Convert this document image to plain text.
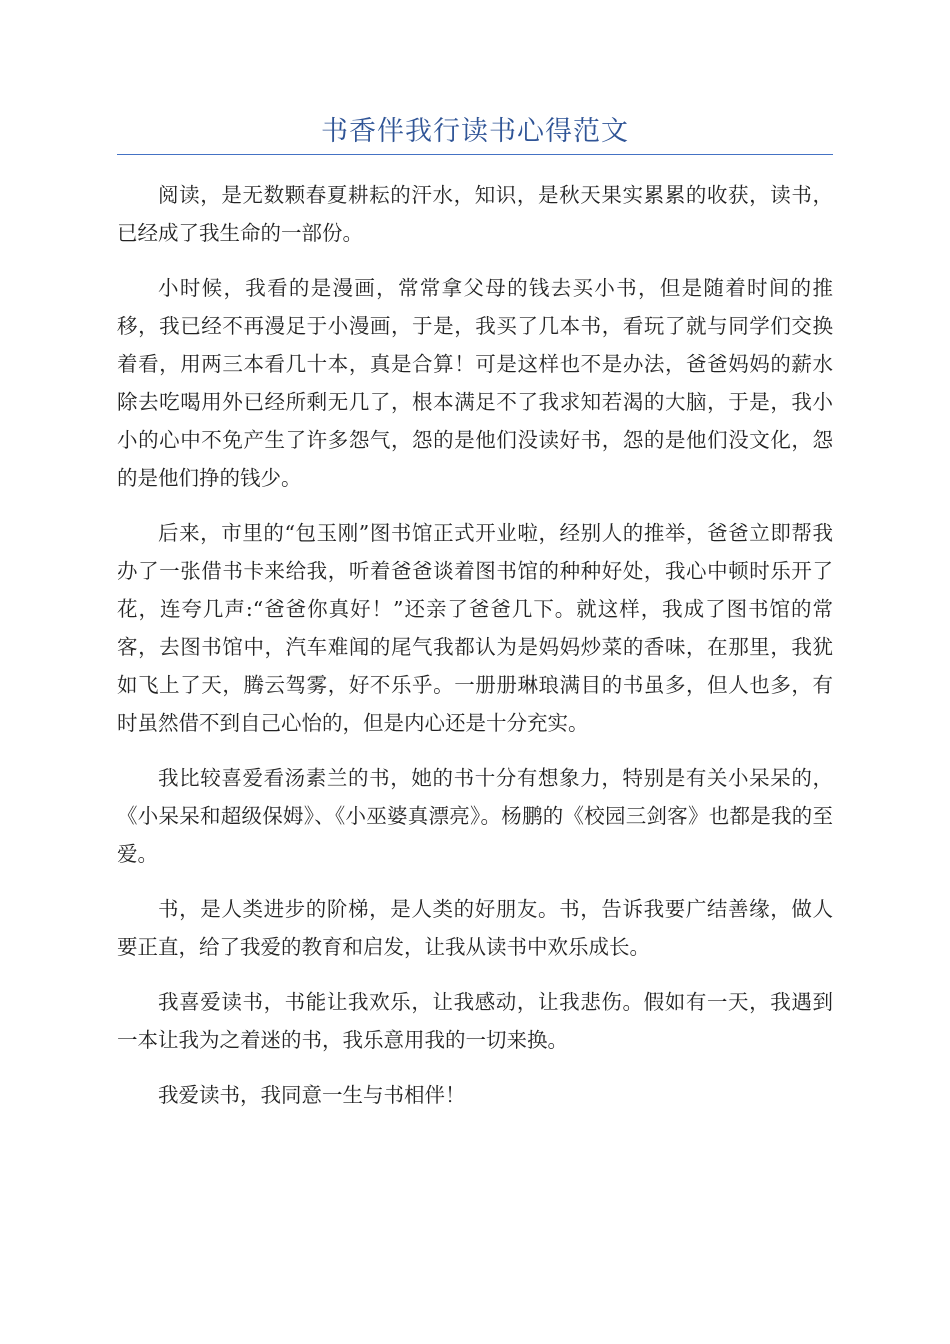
书香伴我行读书心得范文

阅读，是无数颗春夏耕耘的汗水，知识，是秋天果实累累的收获，读书，已经成了我生命的一部份。

小时候，我看的是漫画，常常拿父母的钱去买小书，但是随着时间的推移，我已经不再漫足于小漫画，于是，我买了几本书，看玩了就与同学们交换着看，用两三本看几十本，真是合算！可是这样也不是办法，爸爸妈妈的薪水除去吃喝用外已经所剩无几了，根本满足不了我求知若渴的大脑，于是，我小小的心中不免产生了许多怨气，怨的是他们没读好书，怨的是他们没文化，怨的是他们挣的钱少。

后来，市里的“包玉刚”图书馆正式开业啦，经别人的推举，爸爸立即帮我办了一张借书卡来给我，听着爸爸谈着图书馆的种种好处，我心中顿时乐开了花，连夸几声:“爸爸你真好！”还亲了爸爸几下。就这样，我成了图书馆的常客，去图书馆中，汽车难闻的尾气我都认为是妈妈炒菜的香味，在那里，我犹如飞上了天，腾云驾雾，好不乐乎。一册册琳琅满目的书虽多，但人也多，有时虽然借不到自己心怡的，但是内心还是十分充实。

我比较喜爱看汤素兰的书，她的书十分有想象力，特别是有关小呆呆的，《小呆呆和超级保姆》、《小巫婆真漂亮》。杨鹏的《校园三剑客》也都是我的至爱。

书，是人类进步的阶梯，是人类的好朋友。书，告诉我要广结善缘，做人要正直，给了我爱的教育和启发，让我从读书中欢乐成长。

我喜爱读书，书能让我欢乐，让我感动，让我悲伤。假如有一天，我遇到一本让我为之着迷的书，我乐意用我的一切来换。

我爱读书，我同意一生与书相伴！
